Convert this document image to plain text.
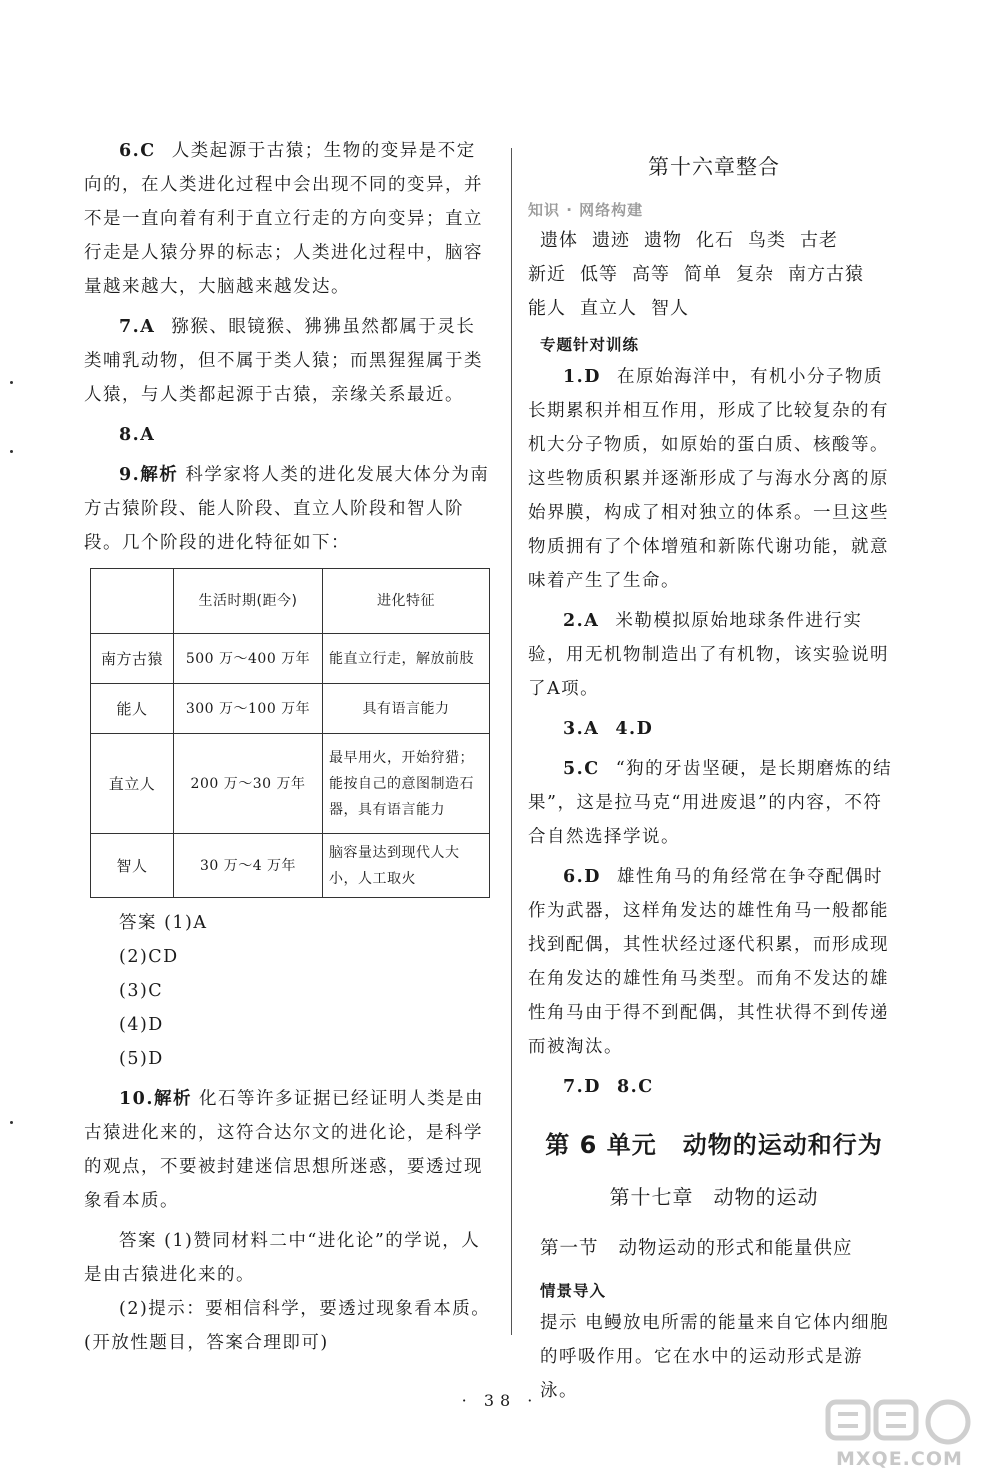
6.C 人类起源于古猿；生物的变异是不定向的，在人类进化过程中会出现不同的变异，并不是一直向着有利于直立行走的方向变异；直立行走是人猿分界的标志；人类进化过程中，脑容量越来越大，大脑越来越发达。

7.A 猕猴、眼镜猴、狒狒虽然都属于灵长类哺乳动物，但不属于类人猿；而黑猩猩属于类人猿，与人类都起源于古猿，亲缘关系最近。

8.A

9.解析 科学家将人类的进化发展大体分为南方古猿阶段、能人阶段、直立人阶段和智人阶段。几个阶段的进化特征如下：

	生活时期(距今)	进化特征
南方古猿	500 万～400 万年	能直立行走，解放前肢
能人	300 万～100 万年	具有语言能力
直立人	200 万～30 万年	最早用火，开始狩猎；能按自己的意图制造石器，具有语言能力
智人	30 万～4 万年	脑容量达到现代人大小，人工取火

答案 (1)A

(2)CD

(3)C

(4)D

(5)D

10.解析 化石等许多证据已经证明人类是由古猿进化来的，这符合达尔文的进化论，是科学的观点，不要被封建迷信思想所迷惑，要透过现象看本质。

答案 (1)赞同材料二中“进化论”的学说，人是由古猿进化来的。

(2)提示：要相信科学，要透过现象看本质。

(开放性题目，答案合理即可)

第十六章整合
知识 · 网络构建
遗体 遗迹 遗物 化石 鸟类 古老
新近 低等 高等 简单 复杂 南方古猿
能人 直立人 智人
专题针对训练

1.D 在原始海洋中，有机小分子物质长期累积并相互作用，形成了比较复杂的有机大分子物质，如原始的蛋白质、核酸等。这些物质积累并逐渐形成了与海水分离的原始界膜，构成了相对独立的体系。一旦这些物质拥有了个体增殖和新陈代谢功能，就意味着产生了生命。

2.A 米勒模拟原始地球条件进行实验，用无机物制造出了有机物，该实验说明了A项。

3.A 4.D

5.C “狗的牙齿坚硬，是长期磨炼的结果”，这是拉马克“用进废退”的内容，不符合自然选择学说。

6.D 雄性角马的角经常在争夺配偶时作为武器，这样角发达的雄性角马一般都能找到配偶，其性状经过逐代积累，而形成现在角发达的雄性角马类型。而角不发达的雄性角马由于得不到配偶，其性状得不到传递而被淘汰。

7.D 8.C

第 6 单元 动物的运动和行为
第十七章 动物的运动
第一节 动物运动的形式和能量供应
情景导入

提示 电鳗放电所需的能量来自它体内细胞的呼吸作用。它在水中的运动形式是游泳。

· 38 ·
MXQE.COM
